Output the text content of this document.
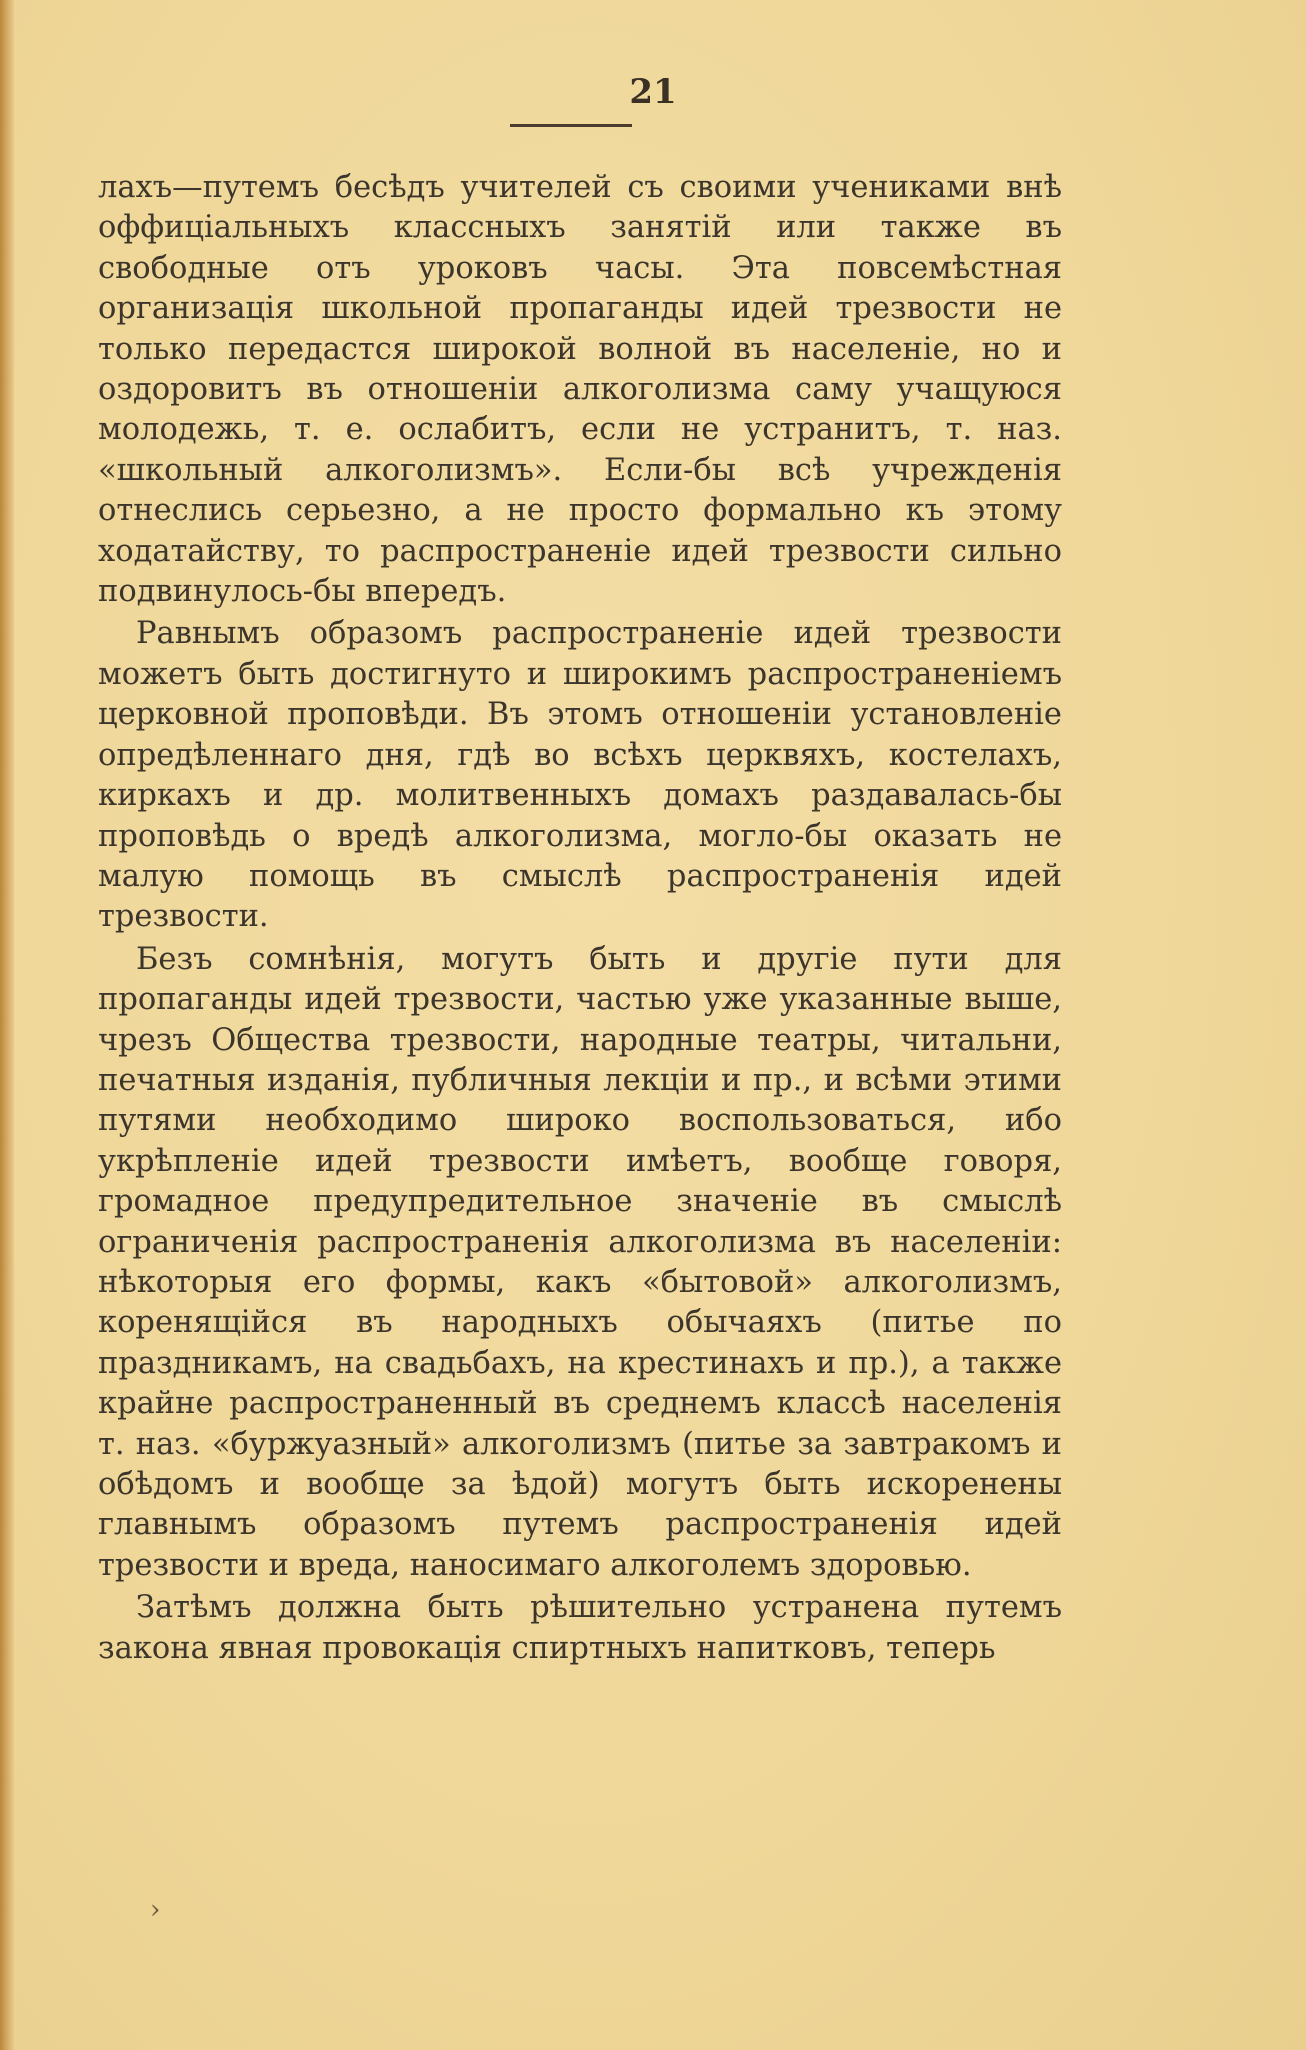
21

лахъ—путемъ бесѣдъ учителей съ своими учениками внѣ оффиціальныхъ классныхъ занятій или также въ свободные отъ уроковъ часы. Эта повсемѣстная организація школьной пропаганды идей трезвости не только передастся широкой волной въ населеніе, но и оздоровитъ въ отношеніи алкоголизма саму учащуюся молодежь, т. е. ослабитъ, если не устранитъ, т. наз. «школьный алкоголизмъ». Если-бы всѣ учрежденія отнеслись серьезно, а не просто формально къ этому ходатайству, то распространеніе идей трезвости сильно подвинулось-бы впередъ.

Равнымъ образомъ распространеніе идей трезвости можетъ быть достигнуто и широкимъ распространеніемъ церковной проповѣди. Въ этомъ отношеніи установленіе опредѣленнаго дня, гдѣ во всѣхъ церквяхъ, костелахъ, киркахъ и др. молитвенныхъ домахъ раздавалась-бы проповѣдь о вредѣ алкоголизма, могло-бы оказать не малую помощь въ смыслѣ распространенія идей трезвости.

Безъ сомнѣнія, могутъ быть и другіе пути для пропаганды идей трезвости, частью уже указанные выше, чрезъ Общества трезвости, народные театры, читальни, печатныя изданія, публичныя лекціи и пр., и всѣми этими путями необходимо широко воспользоваться, ибо укрѣпленіе идей трезвости имѣетъ, вообще говоря, громадное предупредительное значеніе въ смыслѣ ограниченія распространенія алкоголизма въ населеніи: нѣкоторыя его формы, какъ «бытовой» алкоголизмъ, коренящійся въ народныхъ обычаяхъ (питье по праздникамъ, на свадьбахъ, на крестинахъ и пр.), а также крайне распространенный въ среднемъ классѣ населенія т. наз. «буржуазный» алкоголизмъ (питье за завтракомъ и обѣдомъ и вообще за ѣдой) могутъ быть искоренены главнымъ образомъ путемъ распространенія идей трезвости и вреда, наносимаго алкоголемъ здоровью.

Затѣмъ должна быть рѣшительно устранена путемъ закона явная провокація спиртныхъ напитковъ, теперь

›
